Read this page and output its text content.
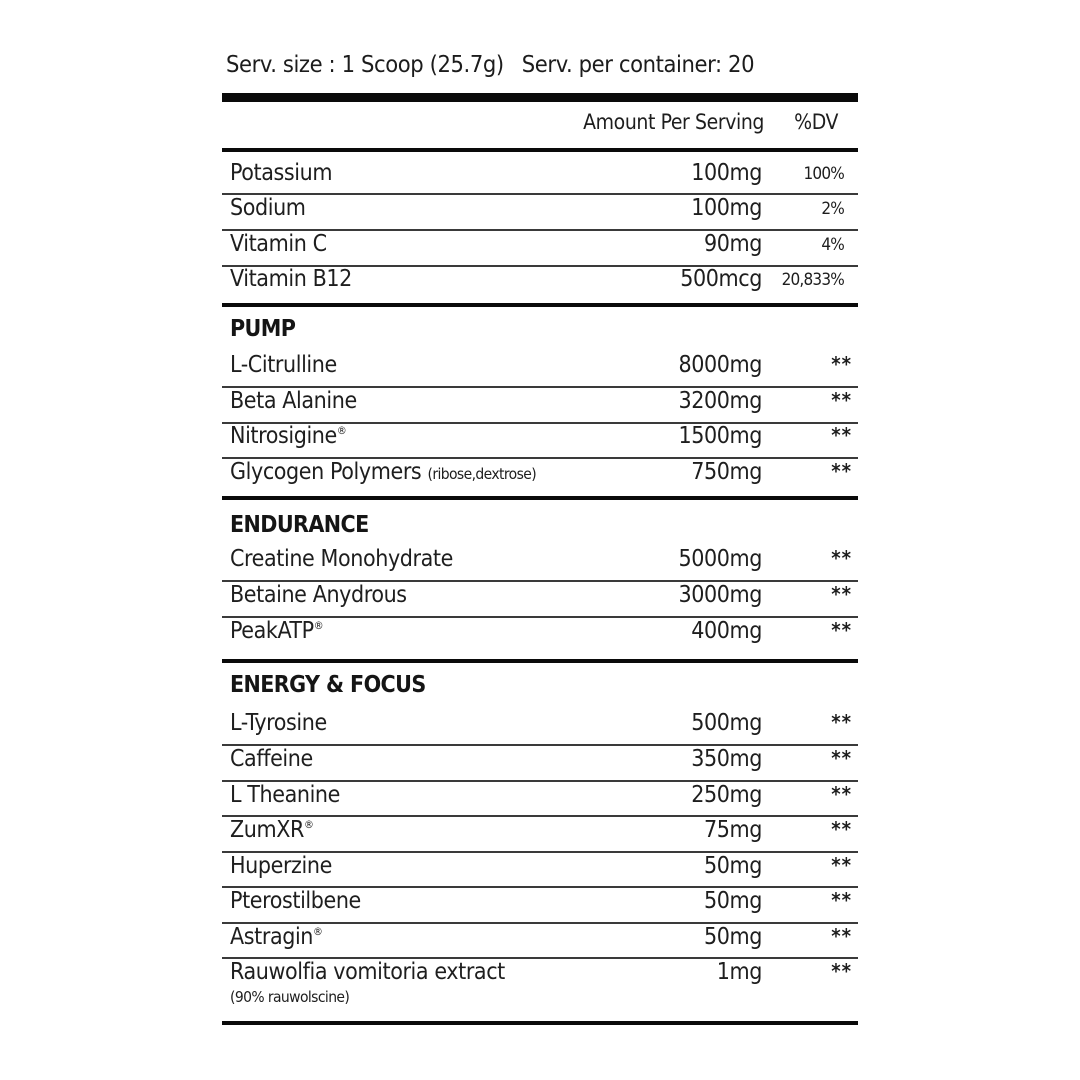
Serv. size : 1 Scoop (25.7g) Serv. per container: 20
Amount Per Serving %DV
Potassium	100mg 100%
Sodium	100mg	2%
Vitamin C	90mg	4%
Vitamin B12	500mcg 20,833%
PUMP
L-Citrulline	8000mg	**
Beta Alanine	3200mg	**
Nitrosigine®	1500mg	**
Glycogen Polymers (ribose,dextrose)	750mg	**
ENDURANCE
Creatine Monohydrate	5000mg	**
Betaine Anydrous	3000mg	**
PeakATP®	400mg	**
ENERGY & FOCUS
L-Tyrosine	500mg	**
Caffeine	350mg	**
L Theanine	250mg	**
ZumXR®	75mg	**
Huperzine	50mg	**
Pterostilbene	50mg	**
Astragin®	50mg	**
Rauwolfia vomitoria extract
(90% rauwolscine)
1mg	**
